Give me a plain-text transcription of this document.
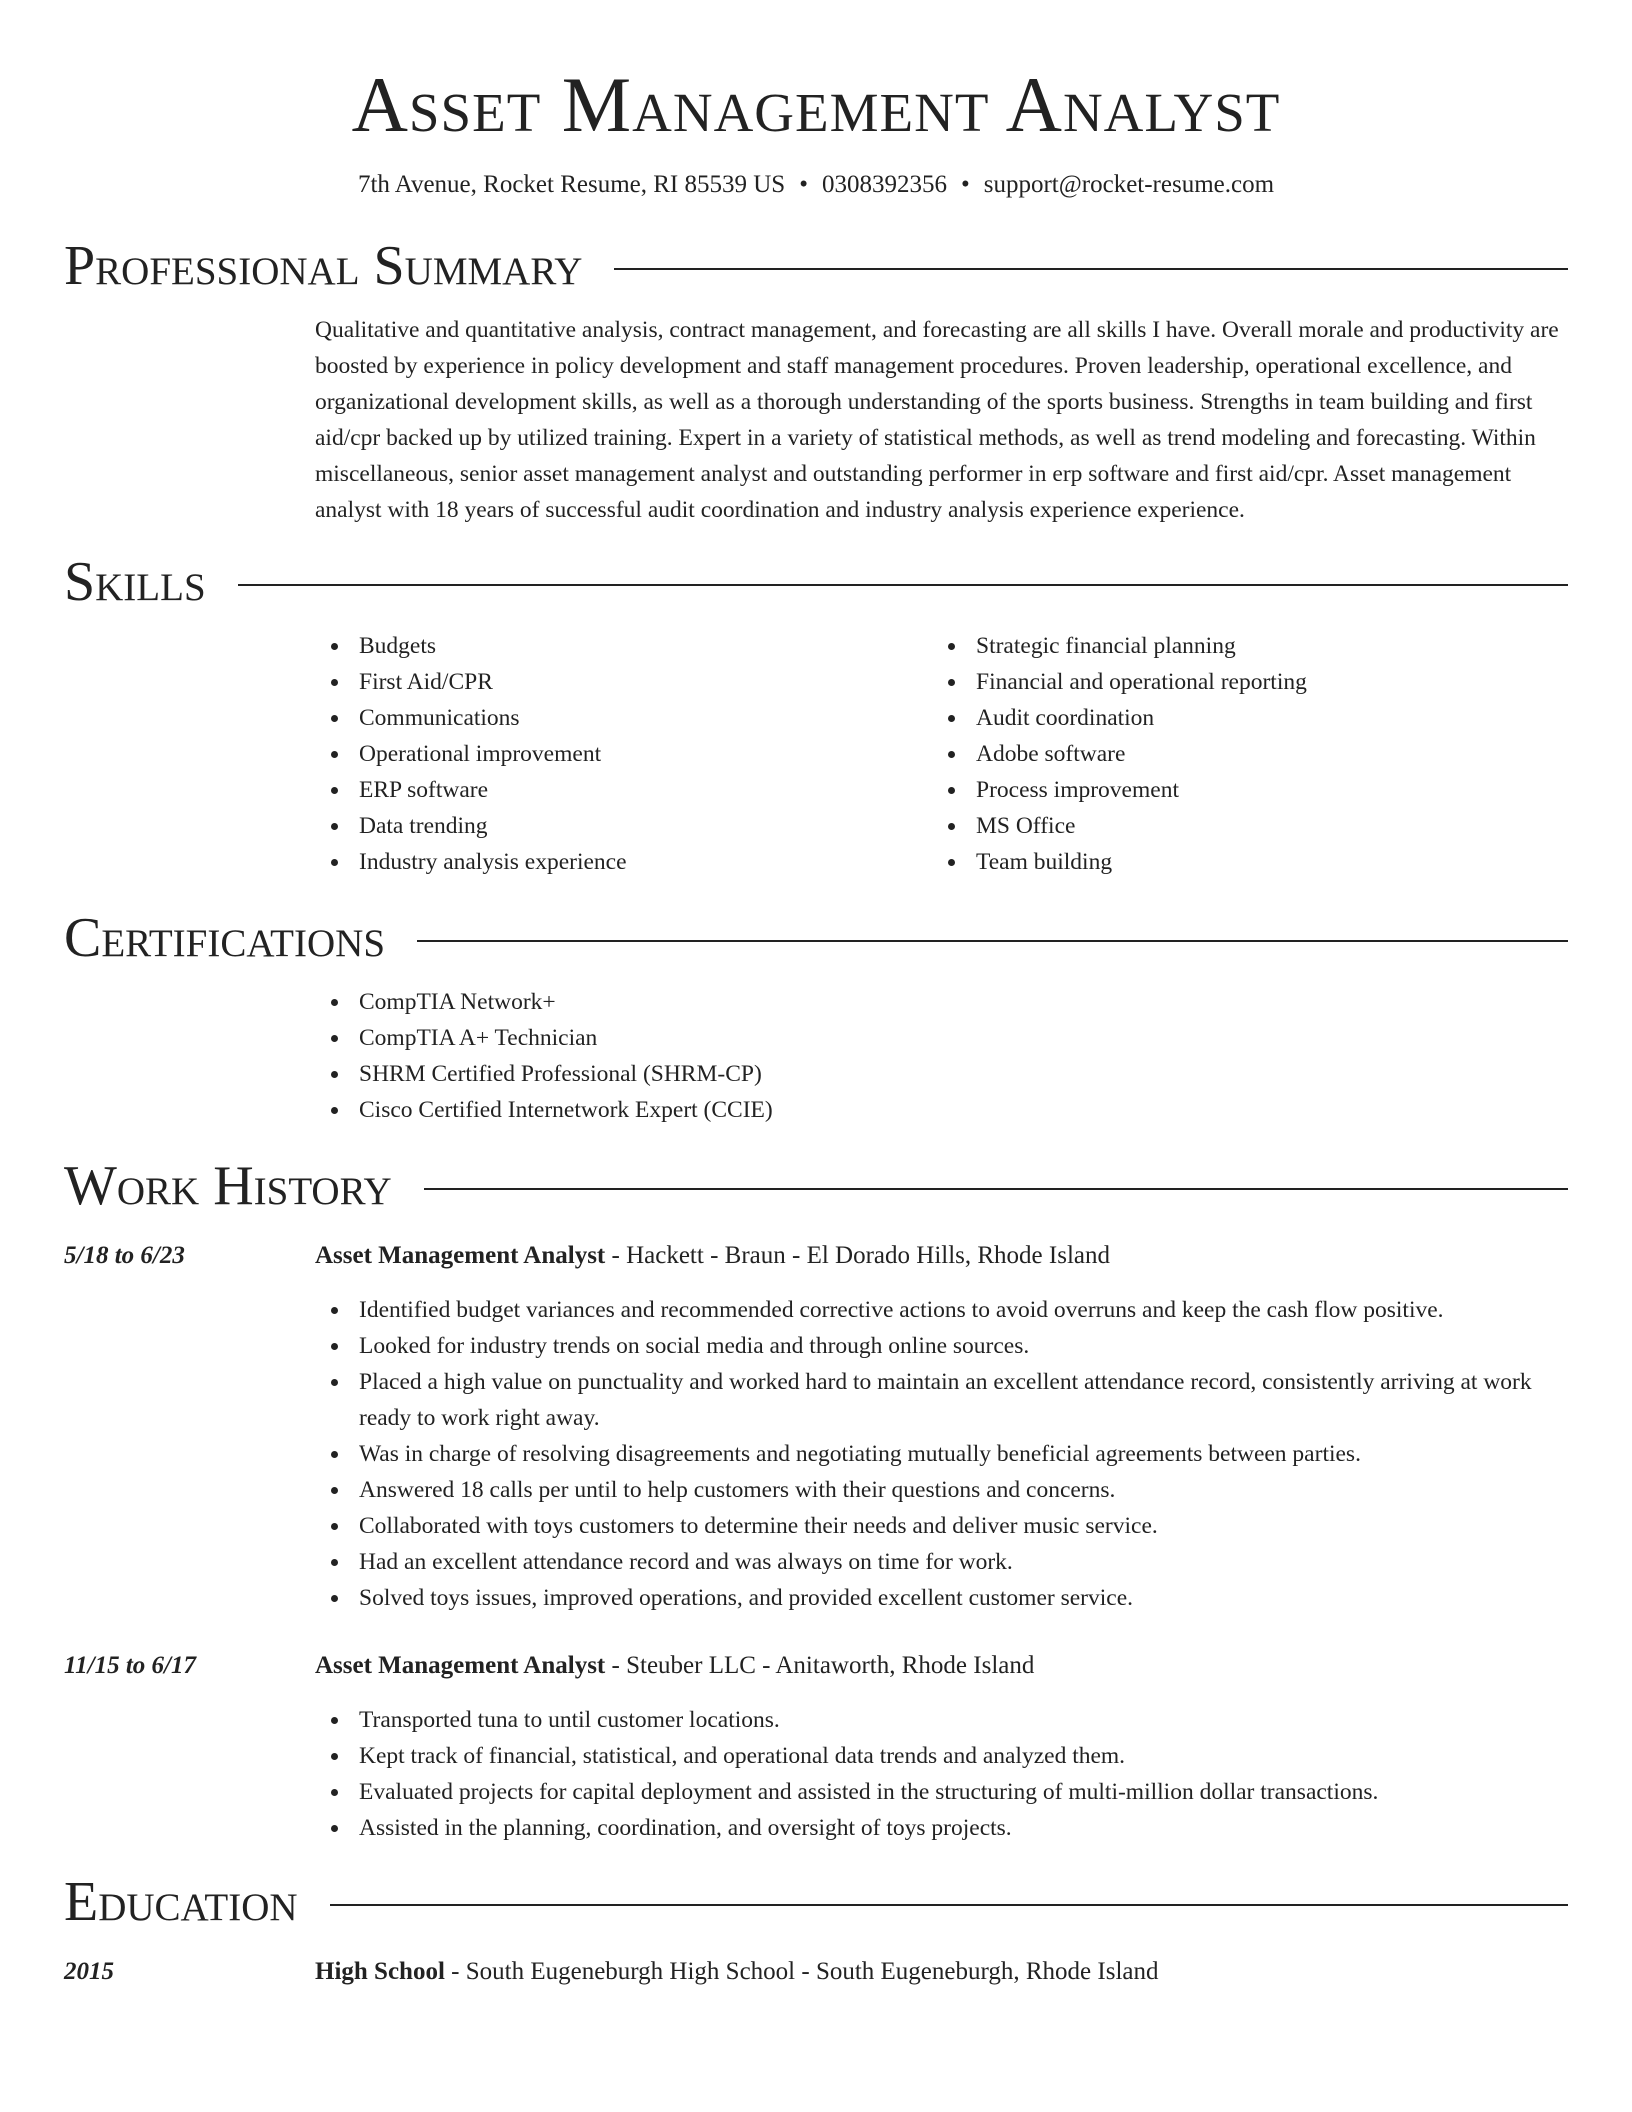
Asset Management Analyst
7th Avenue, Rocket Resume, RI 85539 US • 0308392356 • support@rocket-resume.com
Professional Summary
Qualitative and quantitative analysis, contract management, and forecasting are all skills I have. Overall morale and productivity are boosted by experience in policy development and staff management procedures. Proven leadership, operational excellence, and organizational development skills, as well as a thorough understanding of the sports business. Strengths in team building and first aid/cpr backed up by utilized training. Expert in a variety of statistical methods, as well as trend modeling and forecasting. Within miscellaneous, senior asset management analyst and outstanding performer in erp software and first aid/cpr. Asset management analyst with 18 years of successful audit coordination and industry analysis experience experience.
Skills
Budgets
First Aid/CPR
Communications
Operational improvement
ERP software
Data trending
Industry analysis experience
Strategic financial planning
Financial and operational reporting
Audit coordination
Adobe software
Process improvement
MS Office
Team building
Certifications
CompTIA Network+
CompTIA A+ Technician
SHRM Certified Professional (SHRM-CP)
Cisco Certified Internetwork Expert (CCIE)
Work History
5/18 to 6/23	Asset Management Analyst - Hackett - Braun - El Dorado Hills, Rhode Island
Identified budget variances and recommended corrective actions to avoid overruns and keep the cash flow positive.
Looked for industry trends on social media and through online sources.
Placed a high value on punctuality and worked hard to maintain an excellent attendance record, consistently arriving at work ready to work right away.
Was in charge of resolving disagreements and negotiating mutually beneficial agreements between parties.
Answered 18 calls per until to help customers with their questions and concerns.
Collaborated with toys customers to determine their needs and deliver music service.
Had an excellent attendance record and was always on time for work.
Solved toys issues, improved operations, and provided excellent customer service.
11/15 to 6/17	Asset Management Analyst - Steuber LLC - Anitaworth, Rhode Island
Transported tuna to until customer locations.
Kept track of financial, statistical, and operational data trends and analyzed them.
Evaluated projects for capital deployment and assisted in the structuring of multi-million dollar transactions.
Assisted in the planning, coordination, and oversight of toys projects.
Education
2015	High School - South Eugeneburgh High School - South Eugeneburgh, Rhode Island
